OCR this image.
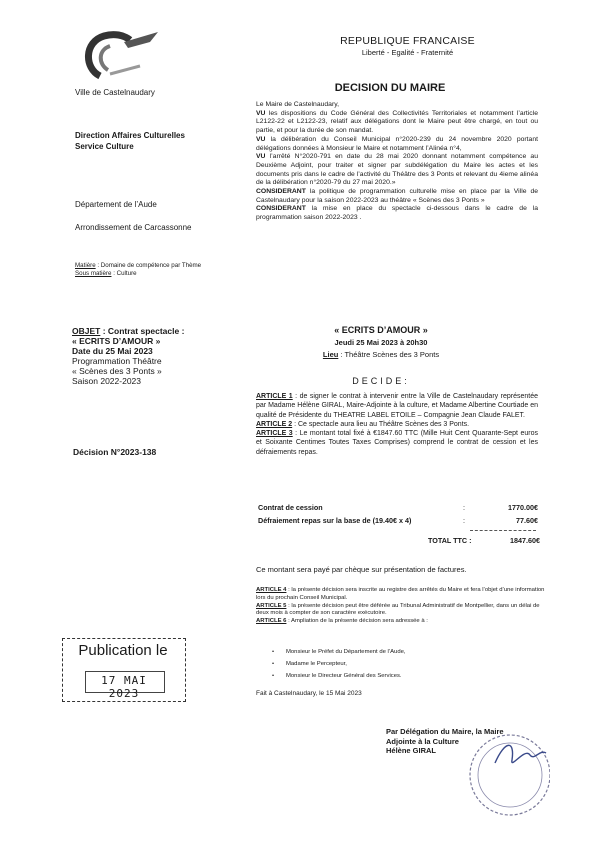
Ville de Castelnaudary
REPUBLIQUE FRANCAISE
Liberté - Egalité - Fraternité
DECISION DU MAIRE
Direction Affaires Culturelles
Service Culture
Département de l’Aude
Arrondissement de Carcassonne
Matière : Domaine de compétence par Thème
Sous matière : Culture
OBJET : Contrat spectacle :
« ECRITS D’AMOUR »
Date du 25 Mai 2023
Programmation Théâtre
« Scènes des 3 Ponts »
Saison 2022-2023
Décision N°2023-138
Le Maire de Castelnaudary,
VU les dispositions du Code Général des Collectivités Territoriales et notamment l’article L2122-22 et L2122-23, relatif aux délégations dont le Maire peut être chargé, en tout ou partie, et pour la durée de son mandat.
VU la délibération du Conseil Municipal n°2020-239 du 24 novembre 2020 portant délégations données à Monsieur le Maire et notamment l’Alinéa n°4,
VU l’arrêté N°2020-791 en date du 28 mai 2020 donnant notamment compétence au Deuxième Adjoint, pour traiter et signer par subdélégation du Maire les actes et les documents pris dans le cadre de l’activité du Théâtre des 3 Ponts et relevant du 4ieme alinéa de la délibération n°2020-79 du 27 mai 2020.»
CONSIDERANT la politique de programmation culturelle mise en place par la Ville de Castelnaudary pour la saison 2022-2023 au théâtre « Scènes des 3 Ponts »
CONSIDERANT la mise en place du spectacle ci-dessous dans le cadre de la programmation saison 2022-2023 .
« ECRITS D’AMOUR »
Jeudi 25 Mai 2023 à 20h30
Lieu : Théâtre Scènes des 3 Ponts
DECIDE:
ARTICLE 1 : de signer le contrat à intervenir entre la Ville de Castelnaudary représentée par Madame Hélène GIRAL, Maire-Adjointe à la culture, et Madame Albertine Courtiade en qualité de Présidente du THEATRE LABEL ETOILE – Compagnie Jean Claude FALET.
ARTICLE 2 : Ce spectacle aura lieu au Théâtre Scènes des 3 Ponts.
ARTICLE 3 : Le montant total fixé à €1847.60 TTC (Mille Huit Cent Quarante-Sept euros et Soixante Centimes Toutes Taxes Comprises) comprend le contrat de cession et les défraiements repas.
Contrat de cession	:	1770.00€
Défraiement repas sur la base de (19.40€ x 4)	:	77.60€
TOTAL TTC :	1847.60€
Ce montant sera payé par chèque sur présentation de factures.
ARTICLE 4 : la présente décision sera inscrite au registre des arrêtés du Maire et fera l’objet d’une information lors du prochain Conseil Municipal.
ARTICLE 5 : la présente décision peut être déférée au Tribunal Administratif de Montpellier, dans un délai de deux mois à compter de son caractère exécutoire.
ARTICLE 6 : Ampliation de la présente décision sera adressée à :
•	Monsieur le Préfet du Département de l’Aude,
•	Madame le Percepteur,
•	Monsieur le Directeur Général des Services.
Fait à Castelnaudary, le 15 Mai 2023
Par Délégation du Maire, la Maire
Adjointe à la Culture
Hélène GIRAL
Publication le
17 MAI 2023
